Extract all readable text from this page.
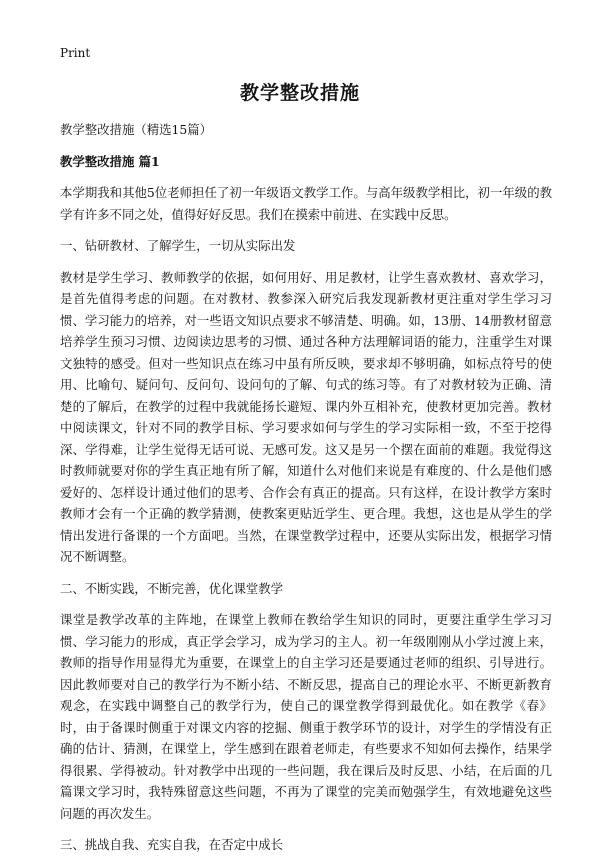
Print
教学整改措施

教学整改措施（精选15篇）

教学整改措施 篇1

本学期我和其他5位老师担任了初一年级语文教学工作。与高年级教学相比，初一年级的教学有许多不同之处，值得好好反思。我们在摸索中前进、在实践中反思。

一、钻研教材、了解学生，一切从实际出发

教材是学生学习、教师教学的依据，如何用好、用足教材，让学生喜欢教材、喜欢学习，是首先值得考虑的问题。在对教材、教参深入研究后我发现新教材更注重对学生学习习惯、学习能力的培养，对一些语文知识点要求不够清楚、明确。如，13册、14册教材留意培养学生预习习惯、边阅读边思考的习惯、通过各种方法理解词语的能力，注重学生对课文独特的感受。但对一些知识点在练习中虽有所反映，要求却不够明确，如标点符号的使用、比喻句、疑问句、反问句、设问句的了解、句式的练习等。有了对教材较为正确、清楚的了解后，在教学的过程中我就能扬长避短、课内外互相补充，使教材更加完善。教材中阅读课文，针对不同的教学目标、学习要求如何与学生的学习实际相一致，不至于挖得深、学得难，让学生觉得无话可说、无感可发。这又是另一个摆在面前的难题。我觉得这时教师就要对你的学生真正地有所了解，知道什么对他们来说是有难度的、什么是他们感爱好的、怎样设计通过他们的思考、合作会有真正的提高。只有这样，在设计教学方案时教师才会有一个正确的教学猜测，使教案更贴近学生、更合理。我想，这也是从学生的学情出发进行备课的一个方面吧。当然，在课堂教学过程中，还要从实际出发，根据学习情况不断调整。

二、不断实践，不断完善，优化课堂教学

课堂是教学改革的主阵地，在课堂上教师在教给学生知识的同时，更要注重学生学习习惯、学习能力的形成，真正学会学习，成为学习的主人。初一年级刚刚从小学过渡上来，教师的指导作用显得尤为重要，在课堂上的自主学习还是要通过老师的组织、引导进行。因此教师要对自己的教学行为不断小结、不断反思，提高自己的理论水平、不断更新教育观念，在实践中调整自己的教学行为，使自己的课堂教学得到最优化。如在教学《春》时，由于备课时侧重于对课文内容的挖掘、侧重于教学环节的设计，对学生的学情没有正确的估计、猜测，在课堂上，学生感到在跟着老师走，有些要求不知如何去操作，结果学得很累、学得被动。针对教学中出现的一些问题，我在课后及时反思、小结，在后面的几篇课文学习时，我特殊留意这些问题，不再为了课堂的完美而勉强学生，有效地避免这些问题的再次发生。

三、挑战自我、充实自我，在否定中成长
